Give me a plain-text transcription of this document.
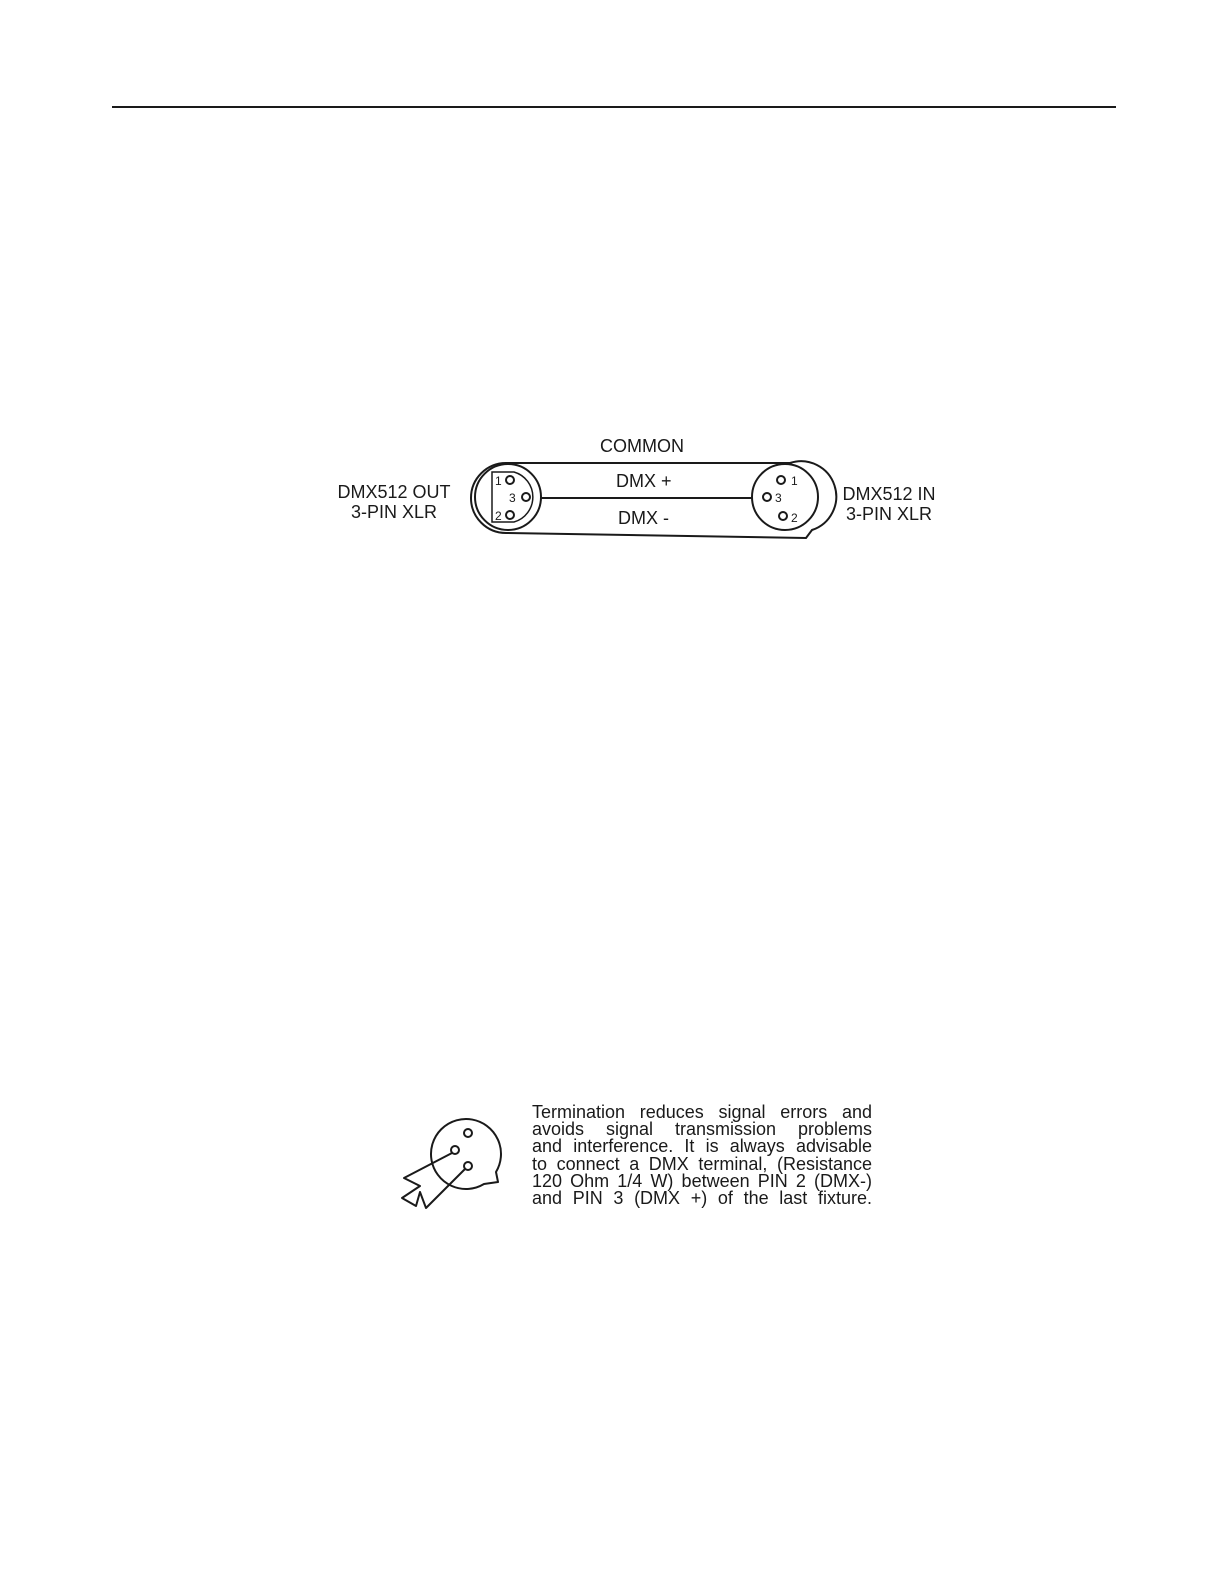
1
3
2
1
3
2
COMMON
DMX +
DMX -
DMX512 OUT
3-PIN XLR
DMX512 IN
3-PIN XLR
Termination reduces signal errors and
avoids signal transmission problems
and interference. It is always advisable
to connect a DMX terminal, (Resistance
120 Ohm 1/4 W) between PIN 2 (DMX-)
and PIN 3 (DMX +) of the last fixture.
